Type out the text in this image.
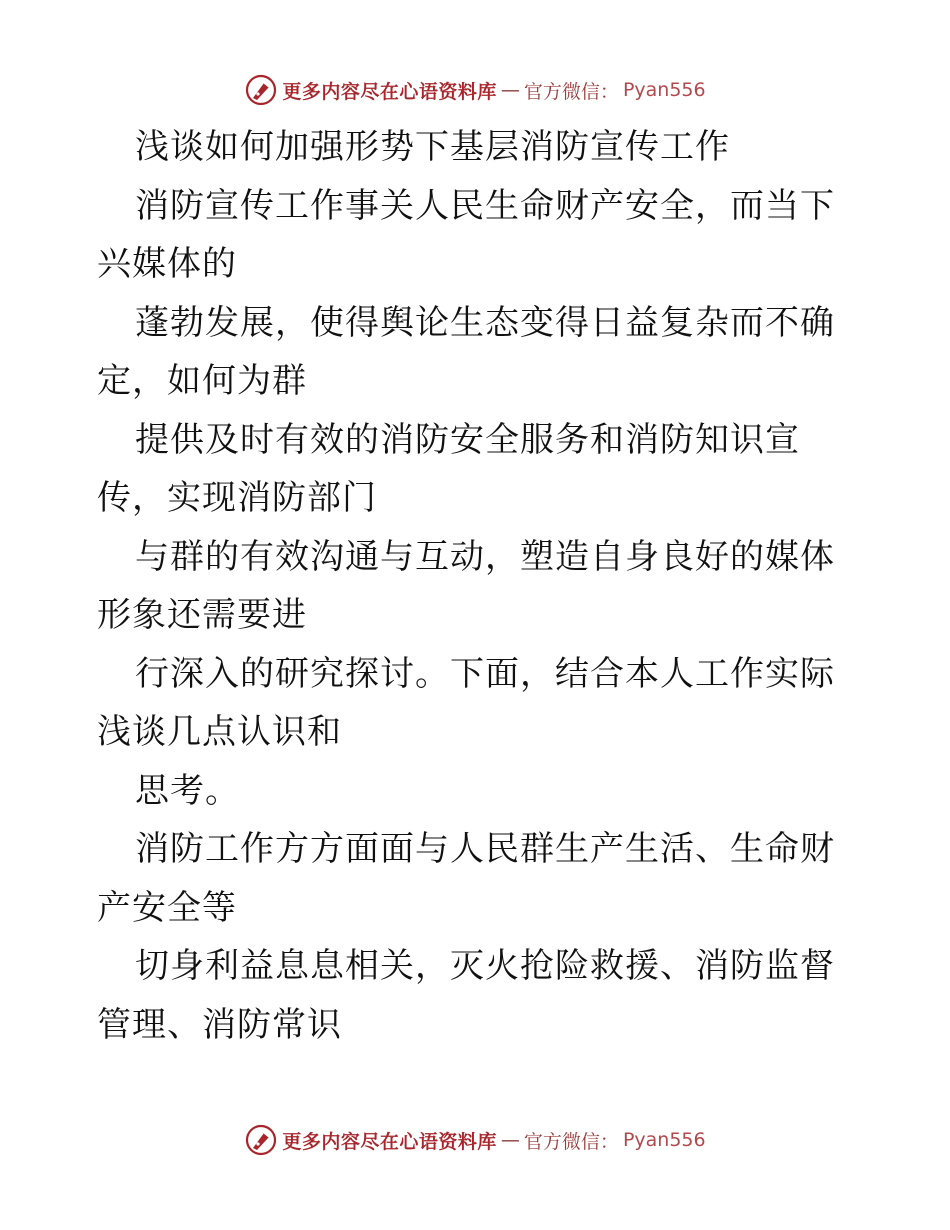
更多内容尽在心语资料库 — 官方微信： Pyan556

浅谈如何加强形势下基层消防宣传工作

消防宣传工作事关人民生命财产安全，而当下兴媒体的

蓬勃发展，使得舆论生态变得日益复杂而不确定，如何为群

提供及时有效的消防安全服务和消防知识宣传，实现消防部门

与群的有效沟通与互动，塑造自身良好的媒体形象还需要进

行深入的研究探讨。下面，结合本人工作实际浅谈几点认识和

思考。

消防工作方方面面与人民群生产生活、生命财产安全等

切身利益息息相关，灭火抢险救援、消防监督管理、消防常识

更多内容尽在心语资料库 — 官方微信： Pyan556
